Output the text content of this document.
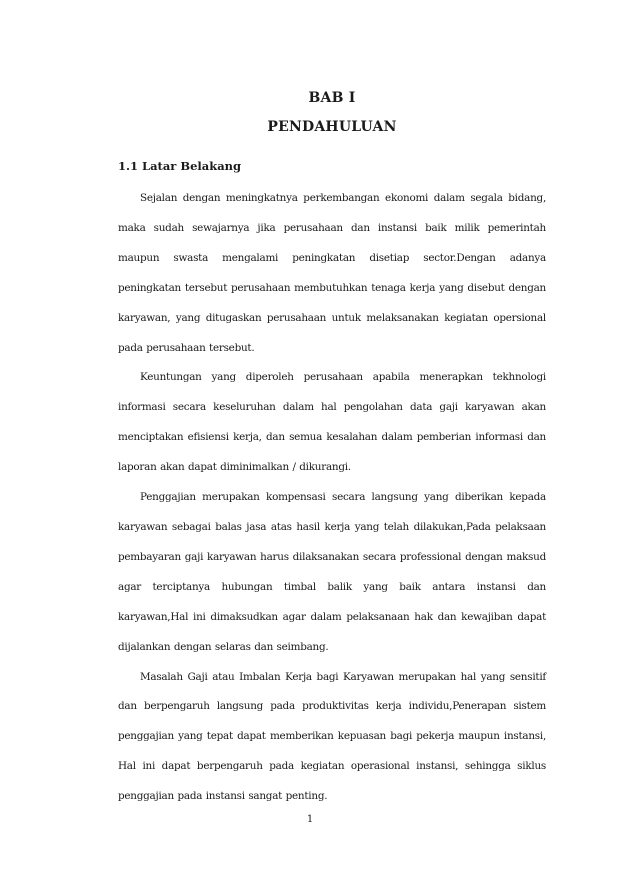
BAB I
PENDAHULUAN
1.1 Latar Belakang

Sejalan dengan meningkatnya perkembangan ekonomi dalam segala bidang, maka sudah sewajarnya jika perusahaan dan instansi baik milik pemerintah maupun swasta mengalami peningkatan disetiap sector.Dengan adanya peningkatan tersebut perusahaan membutuhkan tenaga kerja yang disebut dengan karyawan, yang ditugaskan perusahaan untuk melaksanakan kegiatan opersional pada perusahaan tersebut.

Keuntungan yang diperoleh perusahaan apabila menerapkan tekhnologi informasi secara keseluruhan dalam hal pengolahan data gaji karyawan akan menciptakan efisiensi kerja, dan semua kesalahan dalam pemberian informasi dan laporan akan dapat diminimalkan / dikurangi.

Penggajian merupakan kompensasi secara langsung yang diberikan kepada karyawan sebagai balas jasa atas hasil kerja yang telah dilakukan,Pada pelaksaan pembayaran gaji karyawan harus dilaksanakan secara professional dengan maksud agar terciptanya hubungan timbal balik yang baik antara instansi dan karyawan,Hal ini dimaksudkan agar dalam pelaksanaan hak dan kewajiban dapat dijalankan dengan selaras dan seimbang.

Masalah Gaji atau Imbalan Kerja bagi Karyawan merupakan hal yang sensitif dan berpengaruh langsung pada produktivitas kerja individu,Penerapan sistem penggajian yang tepat dapat memberikan kepuasan bagi pekerja maupun instansi, Hal ini dapat berpengaruh pada kegiatan operasional instansi, sehingga siklus penggajian pada instansi sangat penting.

1
